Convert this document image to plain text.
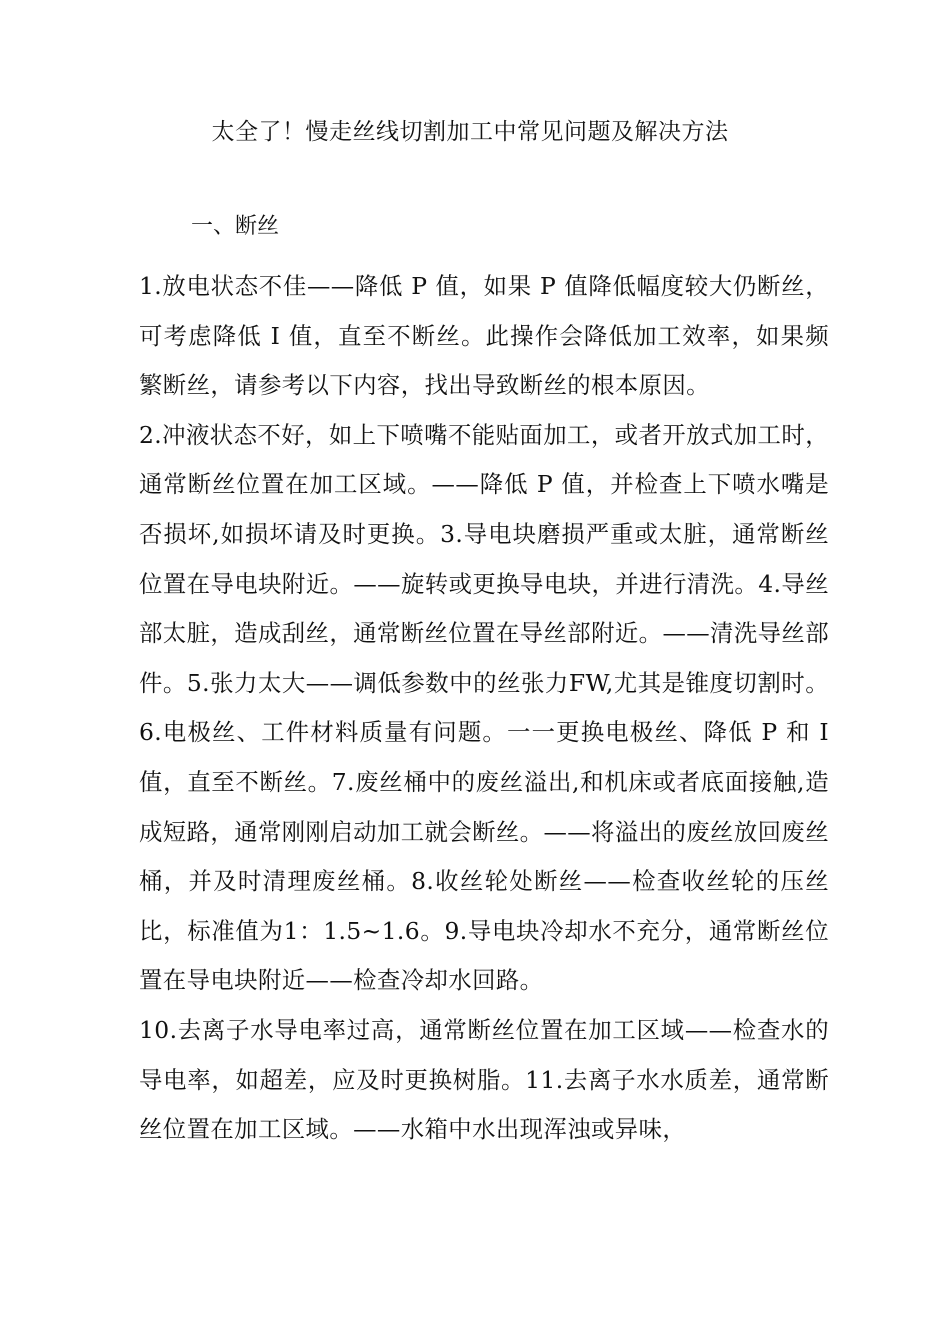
太全了！慢走丝线切割加工中常见问题及解决方法
一、断丝

1.放电状态不佳——降低 P 值，如果 P 值降低幅度较大仍断丝，可考虑降低 I 值，直至不断丝。此操作会降低加工效率，如果频繁断丝，请参考以下内容，找出导致断丝的根本原因。

2.冲液状态不好，如上下喷嘴不能贴面加工，或者开放式加工时，通常断丝位置在加工区域。——降低 P 值，并检查上下喷水嘴是否损坏,如损坏请及时更换。3.导电块磨损严重或太脏，通常断丝位置在导电块附近。——旋转或更换导电块，并进行清洗。4.导丝部太脏，造成刮丝，通常断丝位置在导丝部附近。——清洗导丝部件。5.张力太大——调低参数中的丝张力FW,尤其是锥度切割时。6.电极丝、工件材料质量有问题。一一更换电极丝、降低 P 和 I 值，直至不断丝。7.废丝桶中的废丝溢出,和机床或者底面接触,造成短路，通常刚刚启动加工就会断丝。——将溢出的废丝放回废丝桶，并及时清理废丝桶。8.收丝轮处断丝——检查收丝轮的压丝比，标准值为1：1.5~1.6。9.导电块冷却水不充分，通常断丝位置在导电块附近——检查冷却水回路。

10.去离子水导电率过高，通常断丝位置在加工区域——检查水的导电率，如超差，应及时更换树脂。11.去离子水水质差，通常断丝位置在加工区域。——水箱中水出现浑浊或异味，
